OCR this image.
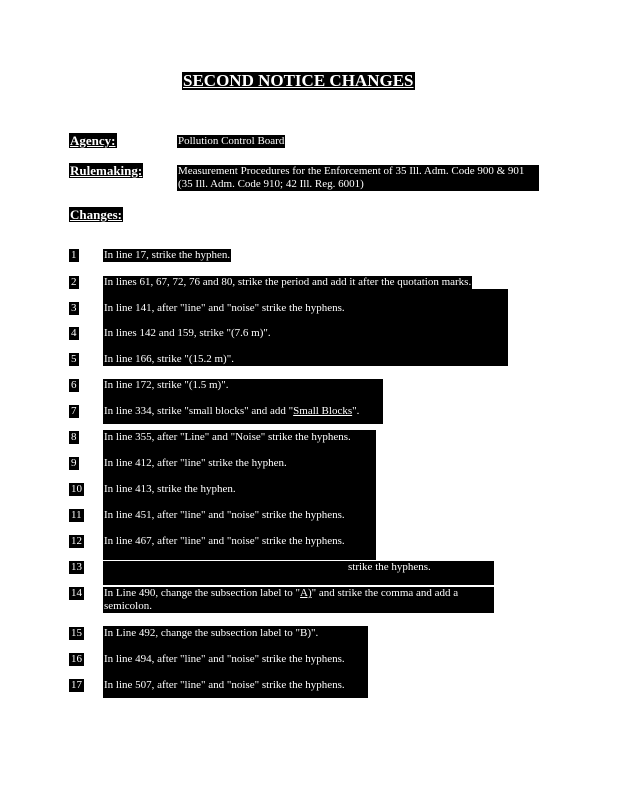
SECOND NOTICE CHANGES
Agency:	Pollution Control Board
Rulemaking:	Measurement Procedures for the Enforcement of 35 Ill. Adm. Code 900 & 901 (35 Ill. Adm. Code 910; 42 Ill. Reg. 6001)
Changes:
1	In line 17, strike the hyphen.
2	In lines 61, 67, 72, 76 and 80, strike the period and add it after the quotation marks.
3	In line 141, after "line" and "noise" strike the hyphens.
4	In lines 142 and 159, strike "(7.6 m)".
5	In line 166, strike "(15.2 m)".
6	In line 172, strike "(1.5 m)".
7	In line 334, strike "small blocks" and add "Small Blocks".
8	In line 355, after "Line" and "Noise" strike the hyphens.
9	In line 412, after "line" strike the hyphen.
10 In line 413, strike the hyphen.
11 In line 451, after "line" and "noise" strike the hyphens.
12 In line 467, after "line" and "noise" strike the hyphens.
13	strike the hyphens.
14 In Line 490, change the subsection label to "A)" and strike the comma and add a semicolon.
15 In Line 492, change the subsection label to "B)".
16 In line 494, after "line" and "noise" strike the hyphens.
17 In line 507, after "line" and "noise" strike the hyphens.
